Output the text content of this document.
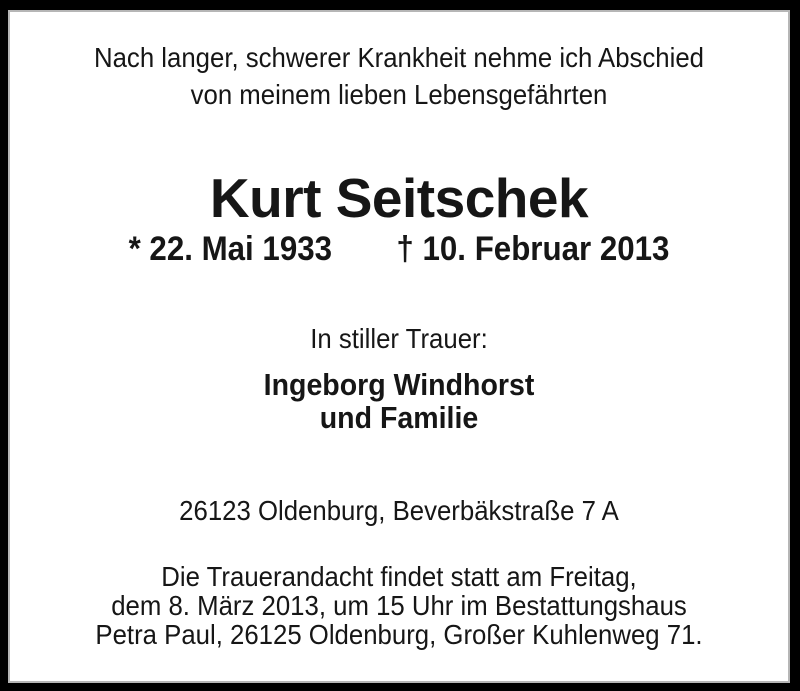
Nach langer, schwerer Krankheit nehme ich Abschied
von meinem lieben Lebensgefährten
Kurt Seitschek
* 22. Mai 1933 † 10. Februar 2013
In stiller Trauer:
Ingeborg Windhorst
und Familie
26123 Oldenburg, Beverbäkstraße 7 A
Die Trauerandacht findet statt am Freitag,
dem 8. März 2013, um 15 Uhr im Bestattungshaus
Petra Paul, 26125 Oldenburg, Großer Kuhlenweg 71.
